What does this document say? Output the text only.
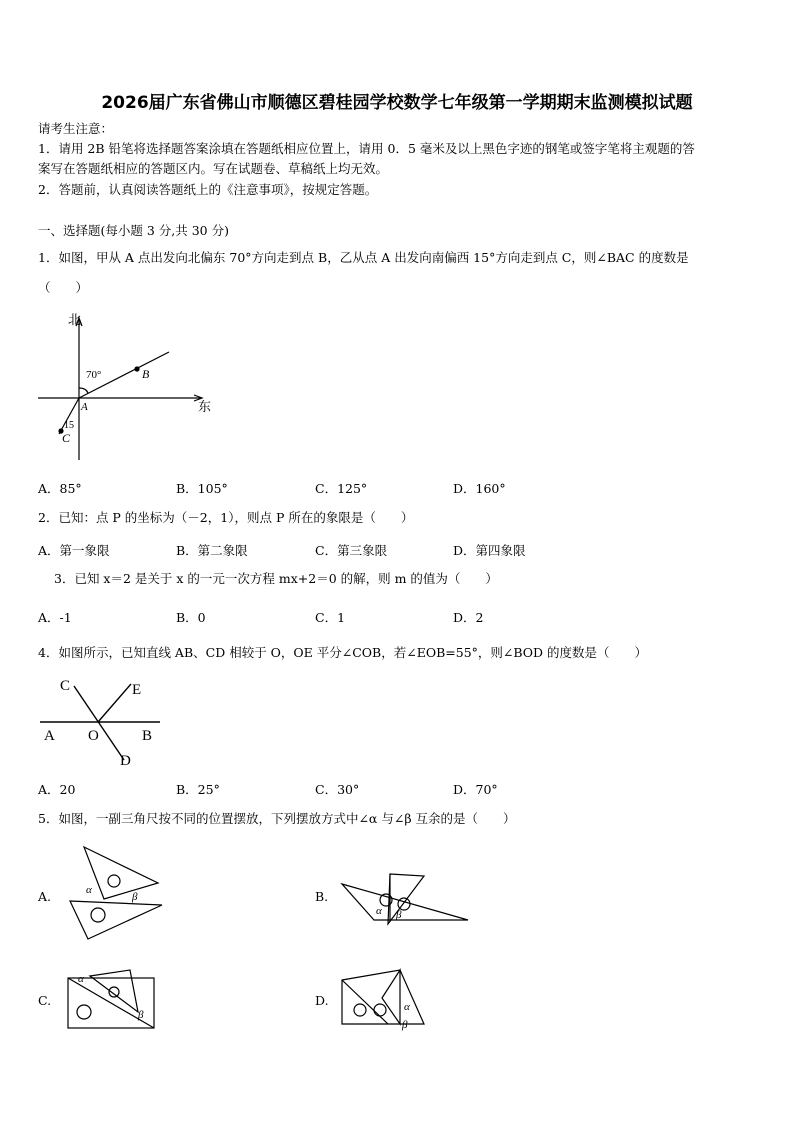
2026届广东省佛山市顺德区碧桂园学校数学七年级第一学期期末监测模拟试题
请考生注意：
1．请用 2B 铅笔将选择题答案涂填在答题纸相应位置上，请用 0．5 毫米及以上黑色字迹的钢笔或签字笔将主观题的答
案写在答题纸相应的答题区内。写在试题卷、草稿纸上均无效。
2．答题前，认真阅读答题纸上的《注意事项》，按规定答题。
一、选择题(每小题 3 分,共 30 分)
1．如图，甲从 A 点出发向北偏东 70°方向走到点 B，乙从点 A 出发向南偏西 15°方向走到点 C，则∠BAC 的度数是
（　　）
北
东
70°
15
A
B
C
A．85°	B．105°	C．125°	D．160°
2．已知：点 P 的坐标为（－2，1），则点 P 所在的象限是（　　）
A．第一象限	B．第二象限	C．第三象限	D．第四象限
3．已知 x＝2 是关于 x 的一元一次方程 mx+2＝0 的解，则 m 的值为（　　）
A．-1	B．0	C．1	D．2
4．如图所示，已知直线 AB、CD 相较于 O，OE 平分∠COB，若∠EOB=55°，则∠BOD 的度数是（　　）
C	E
A O	B
D
A．20	B．25°	C．30°	D．70°
5．如图，一副三角尺按不同的位置摆放，下列摆放方式中∠α 与∠β 互余的是（　　）
A.	α
β	B.
α β
C.
α
β
D.	α
β
